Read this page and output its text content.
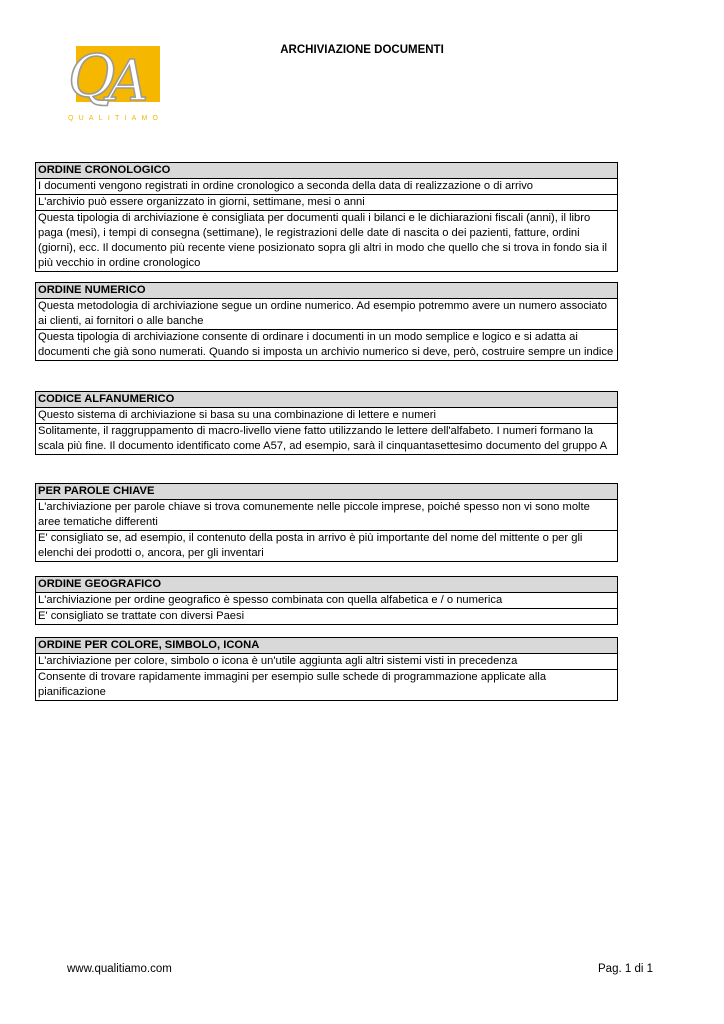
Q
A
QUALITIAMO
ARCHIVIAZIONE DOCUMENTI
ORDINE CRONOLOGICO
I documenti vengono registrati in ordine cronologico a seconda della data di realizzazione o di arrivo
L'archivio può essere organizzato in giorni, settimane, mesi o anni
Questa tipologia di archiviazione è consigliata per documenti quali i bilanci e le dichiarazioni fiscali (anni), il libro paga (mesi), i tempi di consegna (settimane), le registrazioni delle date di nascita o dei pazienti, fatture, ordini (giorni), ecc. Il documento più recente viene posizionato sopra gli altri in modo che quello che si trova in fondo sia il più vecchio in ordine cronologico
ORDINE NUMERICO
Questa metodologia di archiviazione segue un ordine numerico. Ad esempio potremmo avere un numero associato ai clienti, ai fornitori o alle banche
Questa tipologia di archiviazione consente di ordinare i documenti in un modo semplice e logico e si adatta ai documenti che già sono numerati. Quando si imposta un archivio numerico si deve, però, costruire sempre un indice
CODICE ALFANUMERICO
Questo sistema di archiviazione si basa su una combinazione di lettere e numeri
Solitamente, il raggruppamento di macro-livello viene fatto utilizzando le lettere dell'alfabeto. I numeri formano la scala più fine. Il documento identificato come A57, ad esempio, sarà il cinquantasettesimo documento del gruppo A
PER PAROLE CHIAVE
L'archiviazione per parole chiave si trova comunemente nelle piccole imprese, poiché spesso non vi sono molte aree tematiche differenti
E' consigliato se, ad esempio, il contenuto della posta in arrivo è più importante del nome del mittente o per gli elenchi dei prodotti o, ancora, per gli inventari
ORDINE GEOGRAFICO
L'archiviazione per ordine geografico è spesso combinata con quella alfabetica e / o numerica
E' consigliato se trattate con diversi Paesi
ORDINE PER COLORE, SIMBOLO, ICONA
L'archiviazione per colore, simbolo o icona è un'utile aggiunta agli altri sistemi visti in precedenza
Consente di trovare rapidamente immagini per esempio sulle schede di programmazione applicate alla pianificazione
www.qualitiamo.com	Pag. 1 di 1
